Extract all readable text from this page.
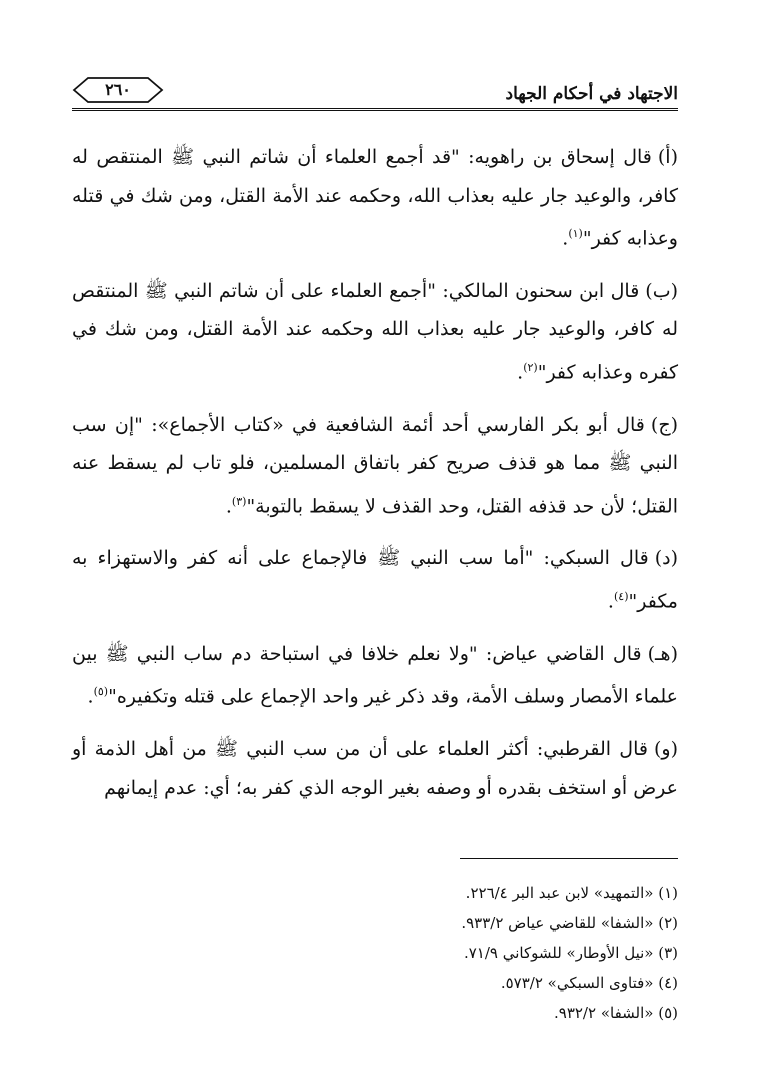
٢٦٠	الاجتهاد في أحكام الجهاد

(أ)قال إسحاق بن راهويه: "قد أجمع العلماء أن شاتم النبي ﷺ المنتقص له كافر، والوعيد جار عليه بعذاب الله، وحكمه عند الأمة القتل، ومن شك في قتله وعذابه كفر"$^{(١)}$.

(ب)قال ابن سحنون المالكي: "أجمع العلماء على أن شاتم النبي ﷺ المنتقص له كافر، والوعيد جار عليه بعذاب الله وحكمه عند الأمة القتل، ومن شك في كفره وعذابه كفر"$^{(٢)}$.

(ج)قال أبو بكر الفارسي أحد أئمة الشافعية في «كتاب الأجماع»: "إن سب النبي ﷺ مما هو قذف صريح كفر باتفاق المسلمين، فلو تاب لم يسقط عنه القتل؛ لأن حد قذفه القتل، وحد القذف لا يسقط بالتوبة"$^{(٣)}$.

(د)قال السبكي: "أما سب النبي ﷺ فالإجماع على أنه كفر والاستهزاء به مكفر"$^{(٤)}$.

(هـ)قال القاضي عياض: "ولا نعلم خلافا في استباحة دم ساب النبي ﷺ بين علماء الأمصار وسلف الأمة، وقد ذكر غير واحد الإجماع على قتله وتكفيره"$^{(٥)}$.

(و)قال القرطبي: أكثر العلماء على أن من سب النبي ﷺ من أهل الذمة أو عرض أو استخف بقدره أو وصفه بغير الوجه الذي كفر به؛ أي: عدم إيمانهم

(١) «التمهيد» لابن عبد البر ٢٢٦/٤.
(٢) «الشفا» للقاضي عياض ٩٣٣/٢.
(٣) «نيل الأوطار» للشوكاني ٧١/٩.
(٤) «فتاوى السبكي» ٥٧٣/٢.
(٥) «الشفا» ٩٣٢/٢.
